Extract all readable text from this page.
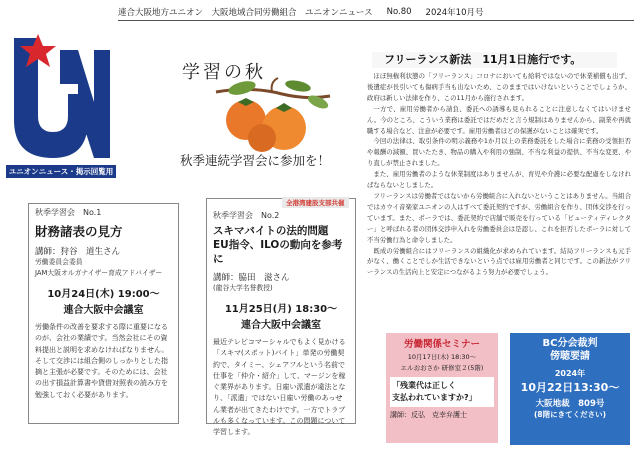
連合大阪地方ユニオン　大阪地域合同労働組合　ユニオンニュース No.80 2024年10月号
ユニオンニュース・掲示回覧用
学習の秋
秋季連続学習会に参加を！
秋季学習会　No.1
財務諸表の見方
講師：狩谷　道生さん
労働委員会委員
JAM大阪オルガナイザー育成アドバイザー
10月24日(木) 19:00～
連合大阪中会議室
労働条件の改善を要求する際に重要になるのが、会社の業績です。当然会社にその資料提出と説明を求めなければなりません。そして交渉には組合側のしっかりとした指摘と主張が必要です。そのためには、会社の出す損益計算書や貸借対照表の読み方を勉強しておく必要があります。
秋季学習会　No.2
スキマバイトの法的問題
EU指令、ILOの動向を参考に
講師：脇田　滋さん
(龍谷大学名誉教授)
11月25日(月) 18:30～
連合大阪中会議室
最近テレビコマーシャルでもよく見かける「スキマ(スポット)バイト」単発の労働契約で、タイミー、シェアフルという名前で仕事を「仲介・紹介」して、マージンを稼ぐ業界があります。日雇い派遣が違法となり、「派遣」ではない日雇い労働のあっせん業者が出てきたわけです。一方でトラブルも多くなっています。この問題について学習します。
全港湾建設支部共催
フリーランス新法　11月1日施行です。

ほぼ無権利状態の「フリーランス」コロナにおいても給料ではないので休業補償も出ず、後遺症が長引いても傷病手当も出ないため、このままではいけないということでしょうか、政府は新しい法律を作り、この11月から施行されます。

一方で、雇用労働者から請負、委託への誘導も見られることに注意しなくてはいけません。今のところ、こういう業務は委託ではだめだと言う規制はありませんから、副業や再就職する場合など、注意が必要です。雇用労働者ほどの保護がないことは確実です。

今回の法律は、取引条件の明示義務や1か月以上の業務委託をした場合に業務の受領拒否や報酬の減額、買いたたき、物品の購入や利用の強制、不当な利益の提供、不当な変更、やり直しが禁止されました。

また、雇用労働者のような休業制度はありませんが、育児や介護に必要な配慮をしなければならないとしました。

フリーランスは労働者ではないから労働組合に入れないということはありません。当組合ではカウイ音楽家ユニオンの人はすべて委託契約ですが、労働組合を作り、団体交渉を行っています。また、ポーラでは、委託契約で店舗で販売を行っている「ビューティディレクター」と呼ばれる者の団体交渉申入れを労働委員会は是認し、これを拒否したポーラに対して不当労働行為と命令しました。

既成の労働組合にはフリーランスの組織化が求められています。結局フリーランスも元手がなく、働くことでしか生活できないという点では雇用労働者と同じです。この新法がフリーランスの生活向上と安定につながるよう努力が必要でしょう。

労働関係セミナー
10月17日(木) 18:30～
エルおおさか 研修室２(5階)
「残業代は正しく
支払われていますか?」
講師：反弘　克幸弁護士
BC分会裁判
傍聴要請
2024年
10月22日13:30～
大阪地裁　809号
(8階にきてください)
